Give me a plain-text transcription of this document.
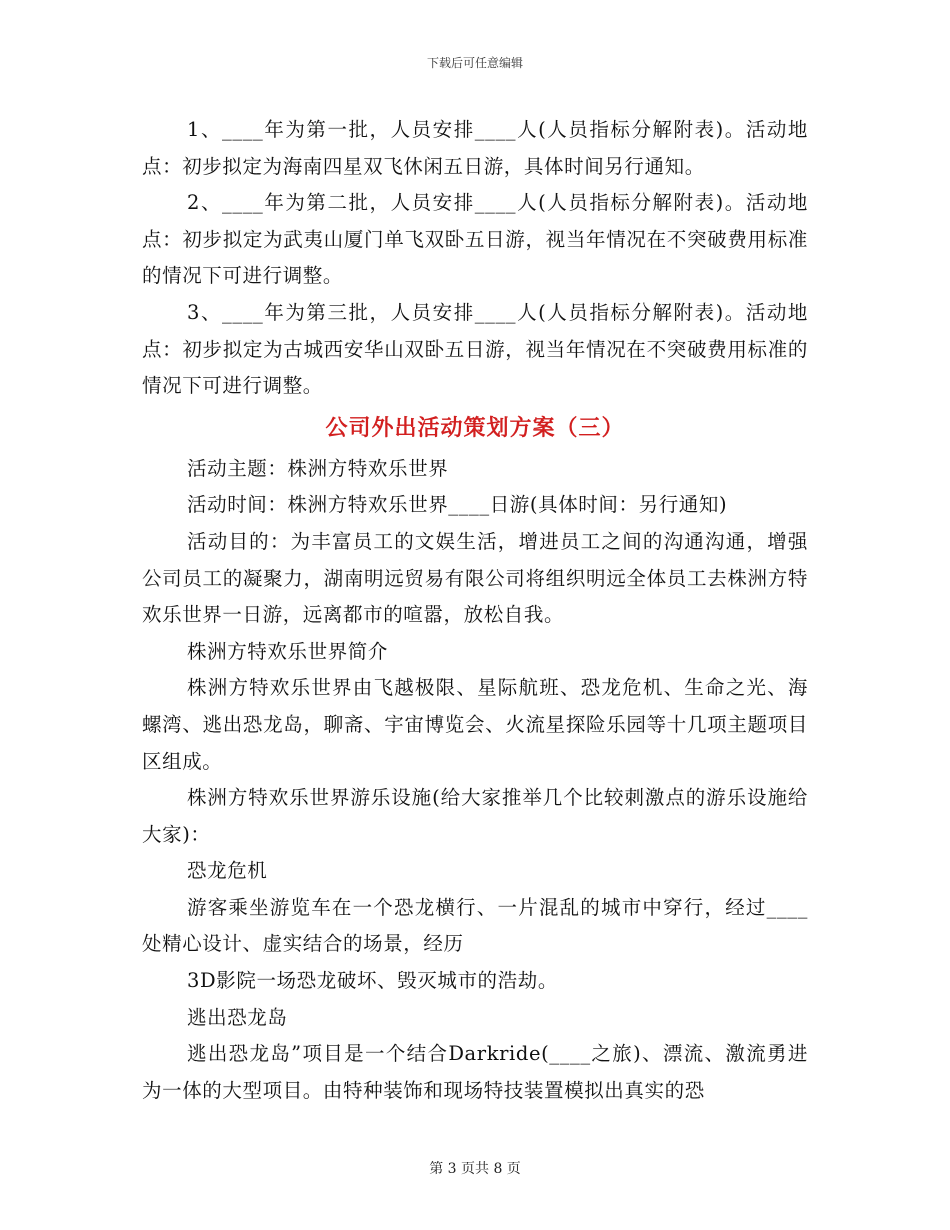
下载后可任意编辑

1、____年为第一批，人员安排____人(人员指标分解附表)。活动地点：初步拟定为海南四星双飞休闲五日游，具体时间另行通知。

2、____年为第二批，人员安排____人(人员指标分解附表)。活动地点：初步拟定为武夷山厦门单飞双卧五日游，视当年情况在不突破费用标准的情况下可进行调整。

3、____年为第三批，人员安排____人(人员指标分解附表)。活动地点：初步拟定为古城西安华山双卧五日游，视当年情况在不突破费用标准的情况下可进行调整。

公司外出活动策划方案（三）

活动主题：株洲方特欢乐世界

活动时间：株洲方特欢乐世界____日游(具体时间：另行通知)

活动目的：为丰富员工的文娱生活，增进员工之间的沟通沟通，增强公司员工的凝聚力，湖南明远贸易有限公司将组织明远全体员工去株洲方特欢乐世界一日游，远离都市的喧嚣，放松自我。

株洲方特欢乐世界简介

株洲方特欢乐世界由飞越极限、星际航班、恐龙危机、生命之光、海螺湾、逃出恐龙岛，聊斋、宇宙博览会、火流星探险乐园等十几项主题项目区组成。

株洲方特欢乐世界游乐设施(给大家推举几个比较刺激点的游乐设施给大家)：

恐龙危机

游客乘坐游览车在一个恐龙横行、一片混乱的城市中穿行，经过____处精心设计、虚实结合的场景，经历

3D影院一场恐龙破坏、毁灭城市的浩劫。

逃出恐龙岛

逃出恐龙岛”项目是一个结合Darkride(____之旅)、漂流、激流勇进为一体的大型项目。由特种装饰和现场特技装置模拟出真实的恐

第 3 页共 8 页
